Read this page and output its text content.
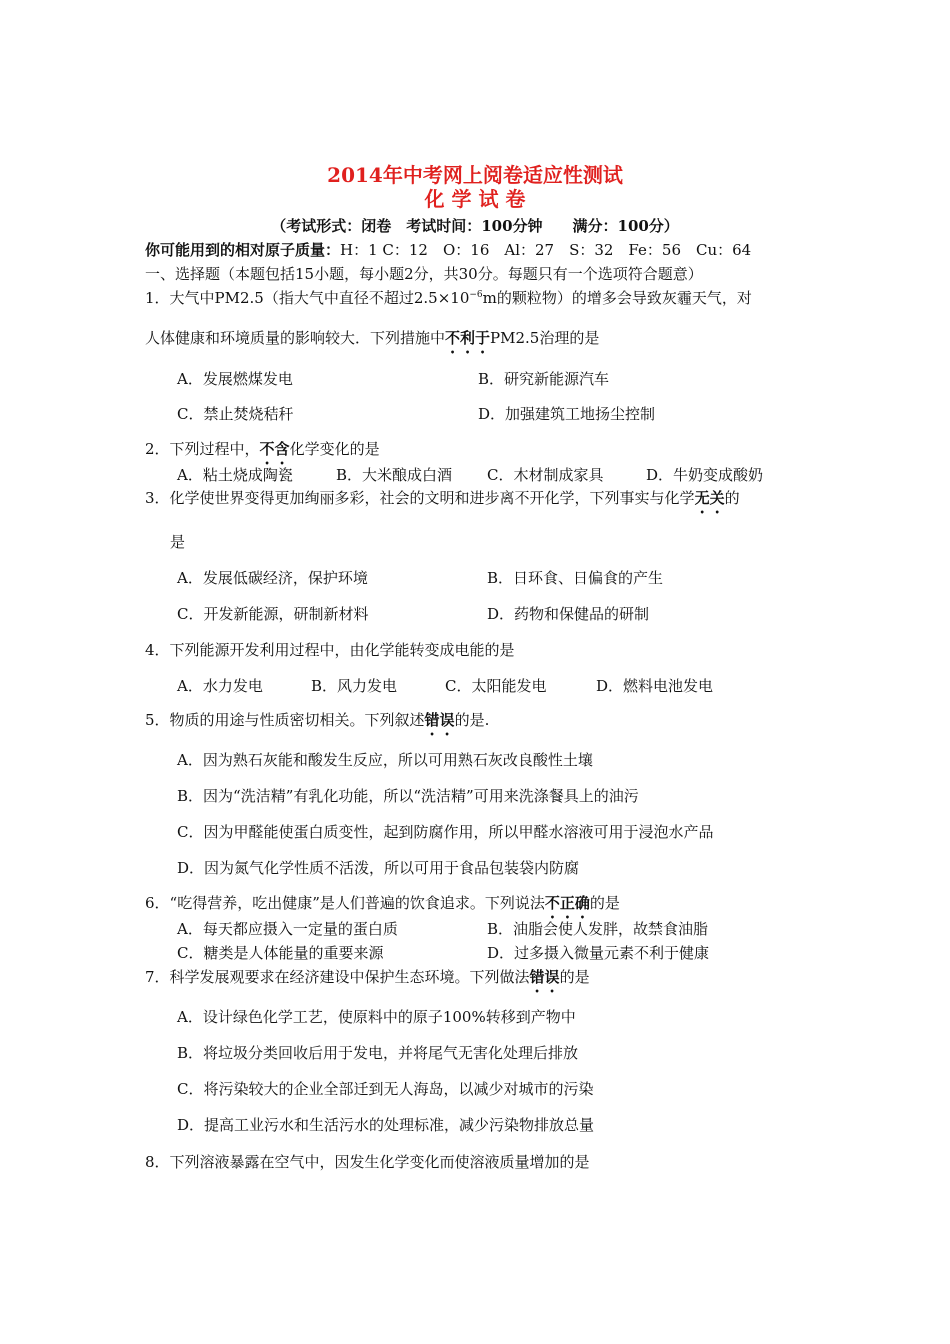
2014年中考网上阅卷适应性测试
化 学 试 卷
（考试形式：闭卷　考试时间：100分钟　　满分：100分）
你可能用到的相对原子质量：H：1 C：12　O：16　Al：27　S：32　Fe：56　Cu：64
一、选择题（本题包括15小题，每小题2分，共30分。每题只有一个选项符合题意）
1．大气中PM2.5（指大气中直径不超过$2.5\times 10^{-6}m$的颗粒物）的增多会导致灰霾天气，对
人体健康和环境质量的影响较大．下列措施中不利于PM2.5治理的是
A．发展燃煤发电	B．研究新能源汽车
C．禁止焚烧秸秆	D．加强建筑工地扬尘控制
2．下列过程中，不含化学变化的是
A．粘土烧成陶瓷	B．大米酿成白酒 C．木材制成家具	D．牛奶变成酸奶
3．化学使世界变得更加绚丽多彩，社会的文明和进步离不开化学，下列事实与化学无关的
是
A．发展低碳经济，保护环境	B．日环食、日偏食的产生
C．开发新能源，研制新材料	D．药物和保健品的研制
4．下列能源开发利用过程中，由化学能转变成电能的是
A．水力发电	B．风力发电	C．太阳能发电	D．燃料电池发电
5．物质的用途与性质密切相关。下列叙述错误的是.
A．因为熟石灰能和酸发生反应，所以可用熟石灰改良酸性土壤
B．因为“洗洁精”有乳化功能，所以“洗洁精”可用来洗涤餐具上的油污
C．因为甲醛能使蛋白质变性，起到防腐作用，所以甲醛水溶液可用于浸泡水产品
D．因为氮气化学性质不活泼，所以可用于食品包装袋内防腐
6．“吃得营养，吃出健康”是人们普遍的饮食追求。下列说法不正确的是
A．每天都应摄入一定量的蛋白质	B．油脂会使人发胖，故禁食油脂
C．糖类是人体能量的重要来源	D．过多摄入微量元素不利于健康
7．科学发展观要求在经济建设中保护生态环境。下列做法错误的是
A．设计绿色化学工艺，使原料中的原子100%转移到产物中
B．将垃圾分类回收后用于发电，并将尾气无害化处理后排放
C．将污染较大的企业全部迁到无人海岛，以减少对城市的污染
D．提高工业污水和生活污水的处理标准，减少污染物排放总量
8．下列溶液暴露在空气中，因发生化学变化而使溶液质量增加的是
